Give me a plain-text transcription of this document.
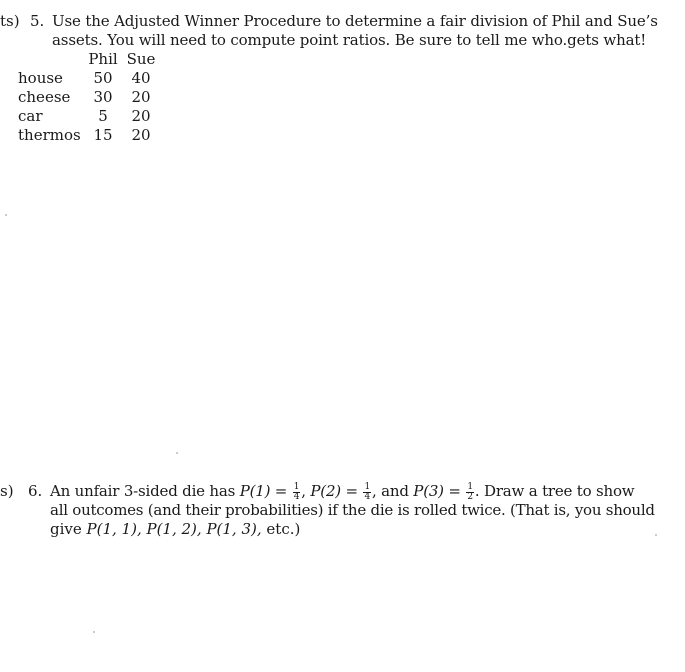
ts) 5. Use the Adjusted Winner Procedure to determine a fair division of Phil and Sue’s
assets. You will need to compute point ratios. Be sure to tell me who.gets what!
Phil Sue
house	50	40
cheese	30	20
car	5	20
thermos 15	20
s) 6. An unfair 3-sided die has $P(1) = \frac{1}{4}$ , $P(2) = \frac{1}{4}$ , and $P(3) = \frac{1}{2}$ . Draw a tree to show
all outcomes (and their probabilities) if the die is rolled twice. (That is, you should
give P(1, 1), P(1, 2), P(1, 3), etc.)
